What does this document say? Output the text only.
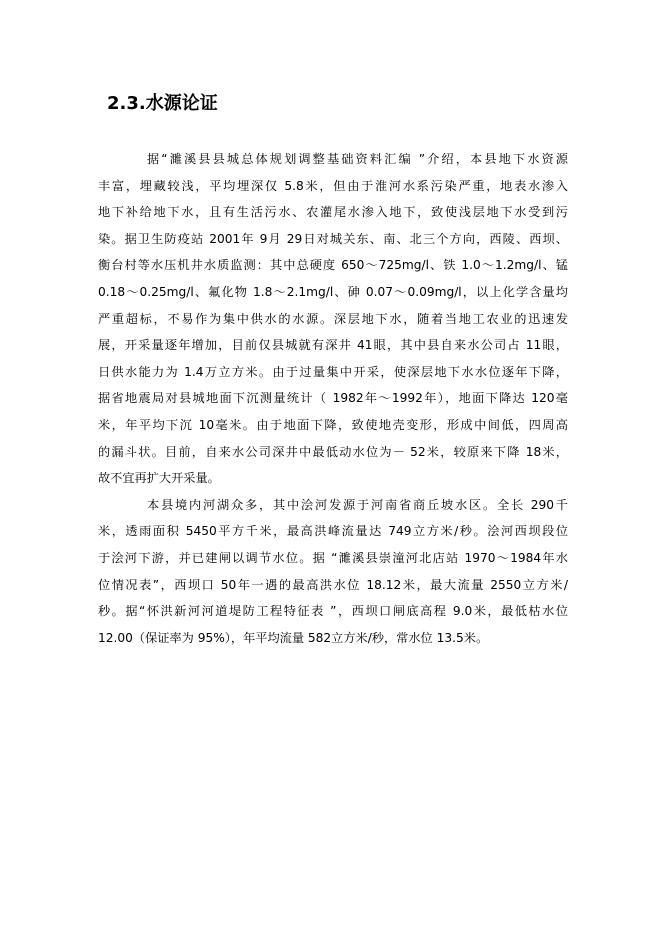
2.3.水源论证
据“濉溪县县城总体规划调整基础资料汇编 ”介绍，本县地下水资源
丰富，埋藏较浅，平均埋深仅 5.8米，但由于淮河水系污染严重，地表水渗入
地下补给地下水，且有生活污水、农灌尾水渗入地下，致使浅层地下水受到污
染。据卫生防疫站 2001年 9月 29日对城关东、南、北三个方向，西陵、西坝、
衡台村等水压机井水质监测：其中总硬度 650～725mg/l、铁 1.0～1.2mg/l、锰
0.18～0.25mg/l、氟化物 1.8～2.1mg/l、砷 0.07～0.09mg/l，以上化学含量均
严重超标，不易作为集中供水的水源。深层地下水，随着当地工农业的迅速发
展，开采量逐年增加，目前仅县城就有深井 41眼，其中县自来水公司占 11眼，
日供水能力为 1.4万立方米。由于过量集中开采，使深层地下水水位逐年下降，
据省地震局对县城地面下沉测量统计（ 1982年～1992年），地面下降达 120毫
米，年平均下沉 10毫米。由于地面下降，致使地壳变形，形成中间低，四周高
的漏斗状。目前，自来水公司深井中最低动水位为－ 52米，较原来下降 18米，
故不宜再扩大开采量。
本县境内河湖众多，其中浍河发源于河南省商丘坡水区。全长 290千
米，透雨面积 5450平方千米，最高洪峰流量达 749立方米/秒。浍河西坝段位
于浍河下游，并已建闸以调节水位。据 “濉溪县崇潼河北店站 1970～1984年水
位情况表”，西坝口 50年一遇的最高洪水位 18.12米，最大流量 2550立方米/
秒。据“怀洪新河河道堤防工程特征表 ”，西坝口闸底高程 9.0米，最低枯水位
12.00（保证率为 95%），年平均流量 582立方米/秒，常水位 13.5米。
